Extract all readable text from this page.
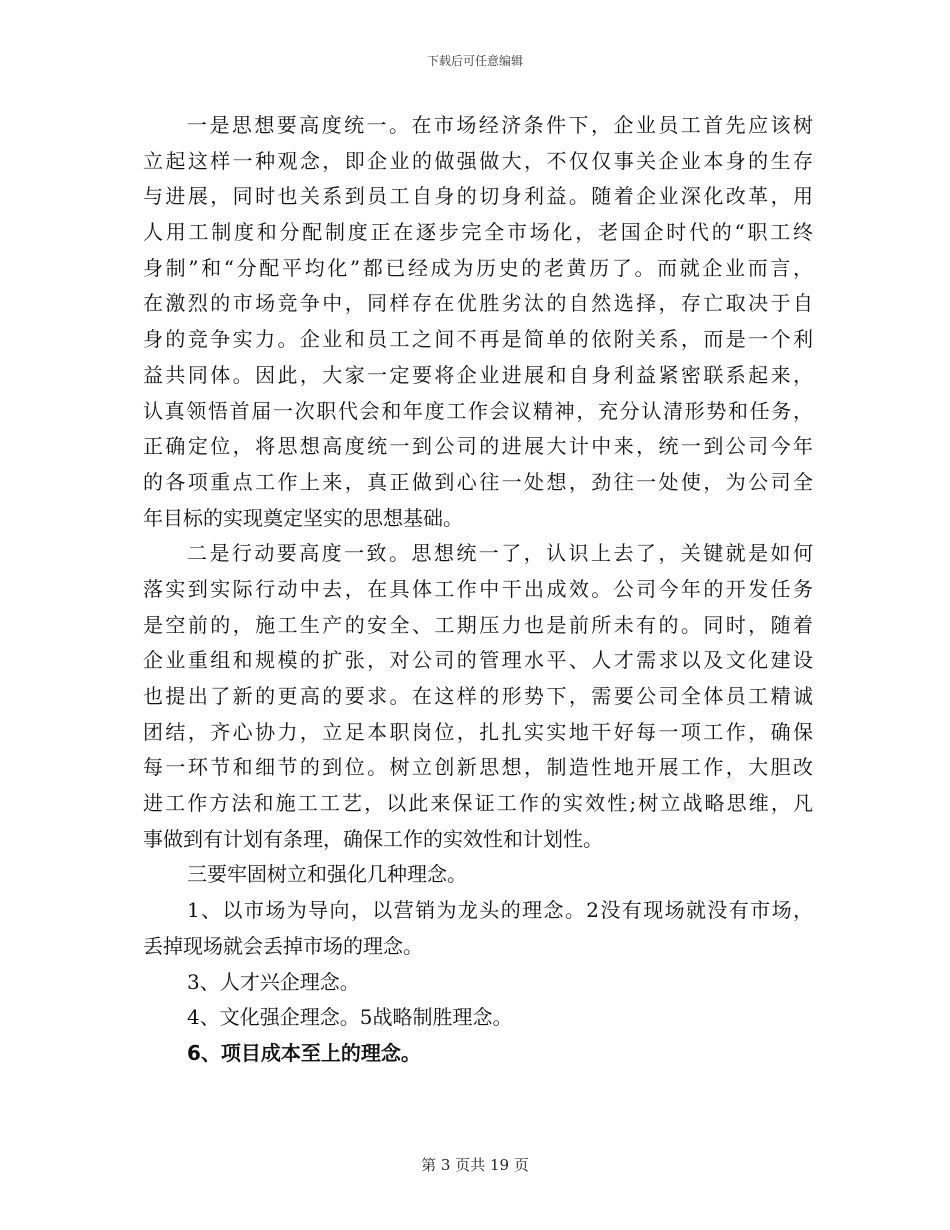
下载后可任意编辑
一是思想要高度统一。在市场经济条件下，企业员工首先应该树
立起这样一种观念，即企业的做强做大，不仅仅事关企业本身的生存
与进展，同时也关系到员工自身的切身利益。随着企业深化改革，用
人用工制度和分配制度正在逐步完全市场化，老国企时代的“职工终
身制”和“分配平均化”都已经成为历史的老黄历了。而就企业而言，
在激烈的市场竞争中，同样存在优胜劣汰的自然选择，存亡取决于自
身的竞争实力。企业和员工之间不再是简单的依附关系，而是一个利
益共同体。因此，大家一定要将企业进展和自身利益紧密联系起来，
认真领悟首届一次职代会和年度工作会议精神，充分认清形势和任务，
正确定位，将思想高度统一到公司的进展大计中来，统一到公司今年
的各项重点工作上来，真正做到心往一处想，劲往一处使，为公司全
年目标的实现奠定坚实的思想基础。
二是行动要高度一致。思想统一了，认识上去了，关键就是如何
落实到实际行动中去，在具体工作中干出成效。公司今年的开发任务
是空前的，施工生产的安全、工期压力也是前所未有的。同时，随着
企业重组和规模的扩张，对公司的管理水平、人才需求以及文化建设
也提出了新的更高的要求。在这样的形势下，需要公司全体员工精诚
团结，齐心协力，立足本职岗位，扎扎实实地干好每一项工作，确保
每一环节和细节的到位。树立创新思想，制造性地开展工作，大胆改
进工作方法和施工工艺，以此来保证工作的实效性;树立战略思维，凡
事做到有计划有条理，确保工作的实效性和计划性。
三要牢固树立和强化几种理念。
1、以市场为导向，以营销为龙头的理念。2没有现场就没有市场，
丢掉现场就会丢掉市场的理念。
3、人才兴企理念。
4、文化强企理念。5战略制胜理念。
6、项目成本至上的理念。
第 3 页共 19 页
